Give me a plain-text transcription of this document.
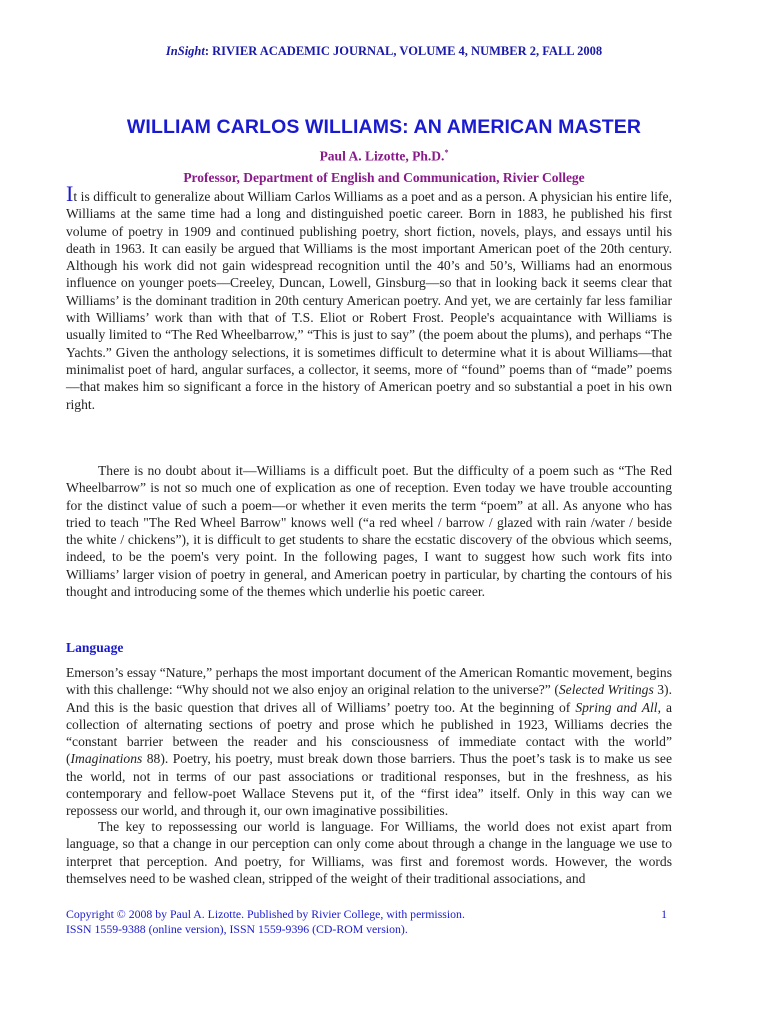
InSight: RIVIER ACADEMIC JOURNAL, VOLUME 4, NUMBER 2, FALL 2008
WILLIAM CARLOS WILLIAMS: AN AMERICAN MASTER
Paul A. Lizotte, Ph.D.*
Professor, Department of English and Communication, Rivier College

It is difficult to generalize about William Carlos Williams as a poet and as a person. A physician his entire life, Williams at the same time had a long and distinguished poetic career. Born in 1883, he published his first volume of poetry in 1909 and continued publishing poetry, short fiction, novels, plays, and essays until his death in 1963. It can easily be argued that Williams is the most important American poet of the 20th century. Although his work did not gain widespread recognition until the 40’s and 50’s, Williams had an enormous influence on younger poets—Creeley, Duncan, Lowell, Ginsburg—so that in looking back it seems clear that Williams’ is the dominant tradition in 20th century American poetry. And yet, we are certainly far less familiar with Williams’ work than with that of T.S. Eliot or Robert Frost. People's acquaintance with Williams is usually limited to “The Red Wheelbarrow,” “This is just to say” (the poem about the plums), and perhaps “The Yachts.” Given the anthology selections, it is sometimes difficult to determine what it is about Williams—that minimalist poet of hard, angular surfaces, a collector, it seems, more of “found” poems than of “made” poems—that makes him so significant a force in the history of American poetry and so substantial a poet in his own right.

There is no doubt about it—Williams is a difficult poet. But the difficulty of a poem such as “The Red Wheelbarrow” is not so much one of explication as one of reception. Even today we have trouble accounting for the distinct value of such a poem—or whether it even merits the term “poem” at all. As anyone who has tried to teach "The Red Wheel Barrow" knows well (“a red wheel / barrow / glazed with rain /water / beside the white / chickens”), it is difficult to get students to share the ecstatic discovery of the obvious which seems, indeed, to be the poem's very point. In the following pages, I want to suggest how such work fits into Williams’ larger vision of poetry in general, and American poetry in particular, by charting the contours of his thought and introducing some of the themes which underlie his poetic career.

Language

Emerson’s essay “Nature,” perhaps the most important document of the American Romantic movement, begins with this challenge: “Why should not we also enjoy an original relation to the universe?” (Selected Writings 3). And this is the basic question that drives all of Williams’ poetry too. At the beginning of Spring and All, a collection of alternating sections of poetry and prose which he published in 1923, Williams decries the “constant barrier between the reader and his consciousness of immediate contact with the world” (Imaginations 88). Poetry, his poetry, must break down those barriers. Thus the poet’s task is to make us see the world, not in terms of our past associations or traditional responses, but in the freshness, as his contemporary and fellow-poet Wallace Stevens put it, of the “first idea” itself. Only in this way can we repossess our world, and through it, our own imaginative possibilities.

The key to repossessing our world is language. For Williams, the world does not exist apart from language, so that a change in our perception can only come about through a change in the language we use to interpret that perception. And poetry, for Williams, was first and foremost words. However, the words themselves need to be washed clean, stripped of the weight of their traditional associations, and

Copyright © 2008 by Paul A. Lizotte. Published by Rivier College, with permission.
ISSN 1559-9388 (online version), ISSN 1559-9396 (CD-ROM version).
1
